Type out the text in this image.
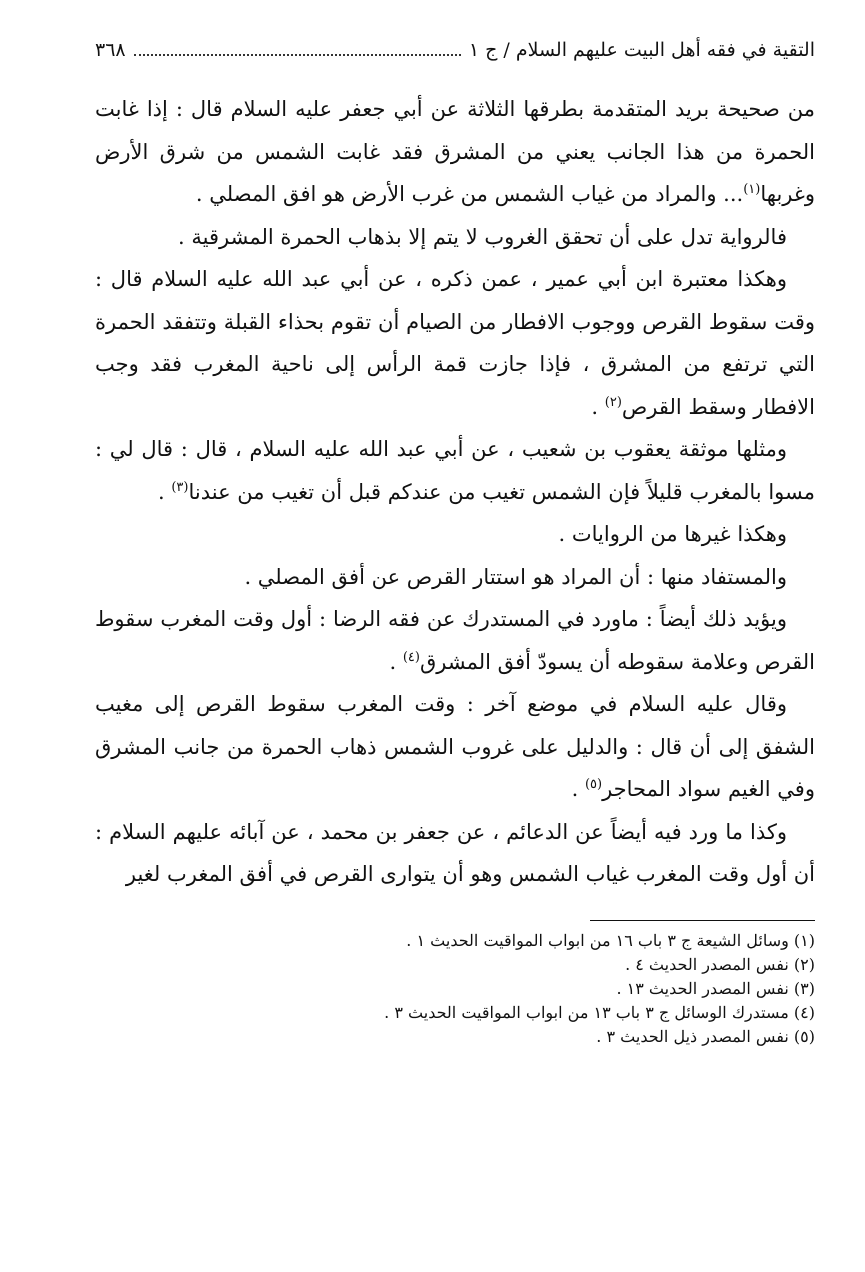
التقية في فقه أهل البيت عليهم السلام / ج ١
٣٦٨

من صحيحة بريد المتقدمة بطرقها الثلاثة عن أبي جعفر عليه السلام قال : إذا غابت الحمرة من هذا الجانب يعني من المشرق فقد غابت الشمس من شرق الأرض وغربها$^{(١)}$... والمراد من غياب الشمس من غرب الأرض هو افق المصلي .

فالرواية تدل على أن تحقق الغروب لا يتم إلا بذهاب الحمرة المشرقية .

وهكذا معتبرة ابن أبي عمير ، عمن ذكره ، عن أبي عبد الله عليه السلام قال : وقت سقوط القرص ووجوب الافطار من الصيام أن تقوم بحذاء القبلة وتتفقد الحمرة التي ترتفع من المشرق ، فإذا جازت قمة الرأس إلى ناحية المغرب فقد وجب الافطار وسقط القرص$^{(٢)}$ .

ومثلها موثقة يعقوب بن شعيب ، عن أبي عبد الله عليه السلام ، قال : قال لي : مسوا بالمغرب قليلاً فإن الشمس تغيب من عندكم قبل أن تغيب من عندنا$^{(٣)}$ .

وهكذا غيرها من الروايات .

والمستفاد منها : أن المراد هو استتار القرص عن أفق المصلي .

ويؤيد ذلك أيضاً : ماورد في المستدرك عن فقه الرضا : أول وقت المغرب سقوط القرص وعلامة سقوطه أن يسودّ أفق المشرق$^{(٤)}$ .

وقال عليه السلام في موضع آخر : وقت المغرب سقوط القرص إلى مغيب الشفق إلى أن قال : والدليل على غروب الشمس ذهاب الحمرة من جانب المشرق وفي الغيم سواد المحاجر$^{(٥)}$ .

وكذا ما ورد فيه أيضاً عن الدعائم ، عن جعفر بن محمد ، عن آبائه عليهم السلام : أن أول وقت المغرب غياب الشمس وهو أن يتوارى القرص في أفق المغرب لغير

(١) وسائل الشيعة ج ٣ باب ١٦ من ابواب المواقيت الحديث ١ .
(٢) نفس المصدر الحديث ٤ .
(٣) نفس المصدر الحديث ١٣ .
(٤) مستدرك الوسائل ج ٣ باب ١٣ من ابواب المواقيت الحديث ٣ .
(٥) نفس المصدر ذيل الحديث ٣ .
